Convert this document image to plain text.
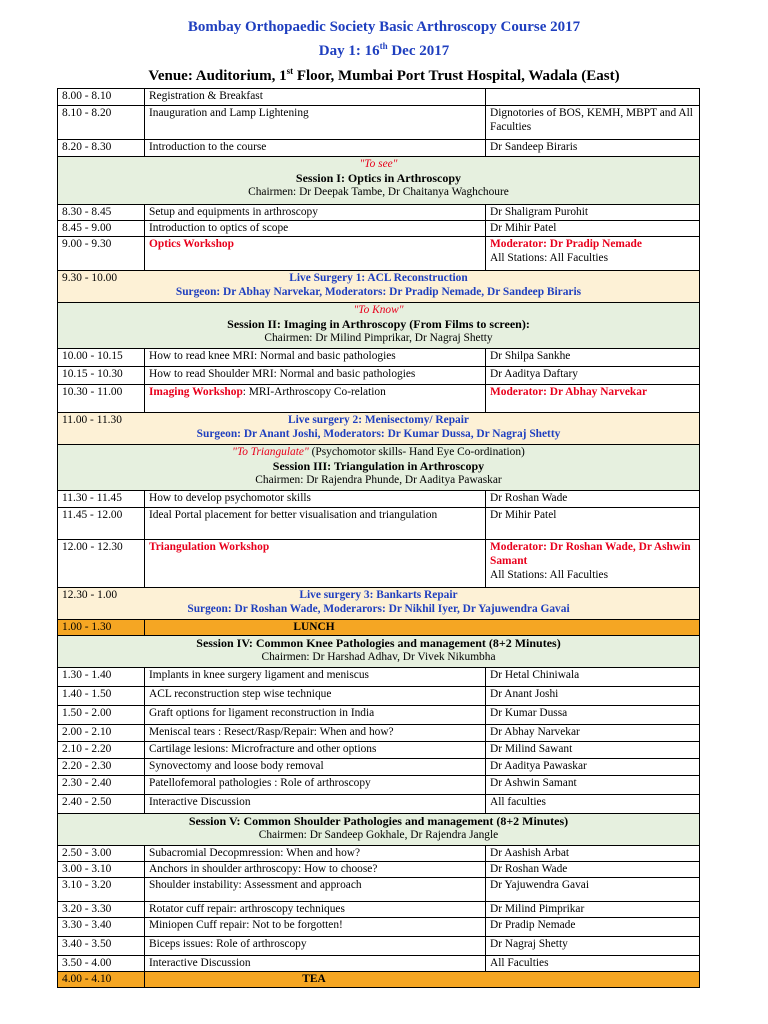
Bombay Orthopaedic Society Basic Arthroscopy Course 2017
Day 1: 16th Dec 2017
Venue: Auditorium, 1st Floor, Mumbai Port Trust Hospital, Wadala (East)
8.00 - 8.10	Registration & Breakfast	
8.10 - 8.20	Inauguration and Lamp Lightening	Dignotories of BOS, KEMH, MBPT and All Faculties
8.20 - 8.30	Introduction to the course	Dr Sandeep Biraris

"To see"
Session I: Optics in Arthroscopy
Chairmen: Dr Deepak Tambe, Dr Chaitanya Waghchoure		

8.30 - 8.45	Setup and equipments in arthroscopy	Dr Shaligram Purohit
8.45 - 9.00	Introduction to optics of scope	Dr Mihir Patel
9.00 - 9.30	Optics Workshop	Moderator: Dr Pradip Nemade
All Stations: All Faculties

9.30 - 10.00 Live Surgery 1: ACL Reconstruction
Surgeon: Dr Abhay Narvekar, Moderators: Dr Pradip Nemade, Dr Sandeep Biraris		

"To Know"
Session II: Imaging in Arthroscopy (From Films to screen):
Chairmen: Dr Milind Pimprikar, Dr Nagraj Shetty		

10.00 - 10.15	How to read knee MRI: Normal and basic pathologies	Dr Shilpa Sankhe
10.15 - 10.30	How to read Shoulder MRI: Normal and basic pathologies	Dr Aaditya Daftary
10.30 - 11.00	Imaging Workshop: MRI-Arthroscopy Co-relation	Moderator: Dr Abhay Narvekar

11.00 - 11.30 Live surgery 2: Menisectomy/ Repair
Surgeon: Dr Anant Joshi, Moderators: Dr Kumar Dussa, Dr Nagraj Shetty		

"To Triangulate" (Psychomotor skills- Hand Eye Co-ordination)
Session III: Triangulation in Arthroscopy
Chairmen: Dr Rajendra Phunde, Dr Aaditya Pawaskar		

11.30 - 11.45	How to develop psychomotor skills	Dr Roshan Wade
11.45 - 12.00	Ideal Portal placement for better visualisation and triangulation	Dr Mihir Patel
12.00 - 12.30	Triangulation Workshop	Moderator: Dr Roshan Wade, Dr Ashwin Samant
All Stations: All Faculties

12.30 - 1.00 Live surgery 3: Bankarts Repair
Surgeon: Dr Roshan Wade, Moderarors: Dr Nikhil Iyer, Dr Yajuwendra Gavai		

1.00 - 1.30	LUNCH	

Session IV: Common Knee Pathologies and management (8+2 Minutes)
Chairmen: Dr Harshad Adhav, Dr Vivek Nikumbha		

1.30 - 1.40	Implants in knee surgery ligament and meniscus	Dr Hetal Chiniwala
1.40 - 1.50	ACL reconstruction step wise technique	Dr Anant Joshi
1.50 - 2.00	Graft options for ligament reconstruction in India	Dr Kumar Dussa
2.00 - 2.10	Meniscal tears : Resect/Rasp/Repair: When and how?	Dr Abhay Narvekar
2.10 - 2.20	Cartilage lesions: Microfracture and other options	Dr Milind Sawant
2.20 - 2.30	Synovectomy and loose body removal	Dr Aaditya Pawaskar
2.30 - 2.40	Patellofemoral pathologies : Role of arthroscopy	Dr Ashwin Samant
2.40 - 2.50	Interactive Discussion	All faculties

Session V: Common Shoulder Pathologies and management (8+2 Minutes)
Chairmen: Dr Sandeep Gokhale, Dr Rajendra Jangle		

2.50 - 3.00	Subacromial Decopmression: When and how?	Dr Aashish Arbat
3.00 - 3.10	Anchors in shoulder arthroscopy: How to choose?	Dr Roshan Wade
3.10 - 3.20	Shoulder instability: Assessment and approach	Dr Yajuwendra Gavai
3.20 - 3.30	Rotator cuff repair: arthroscopy techniques	Dr Milind Pimprikar
3.30 - 3.40	Miniopen Cuff repair: Not to be forgotten!	Dr Pradip Nemade
3.40 - 3.50	Biceps issues: Role of arthroscopy	Dr Nagraj Shetty
3.50 - 4.00	Interactive Discussion	All Faculties
4.00 - 4.10	TEA	
